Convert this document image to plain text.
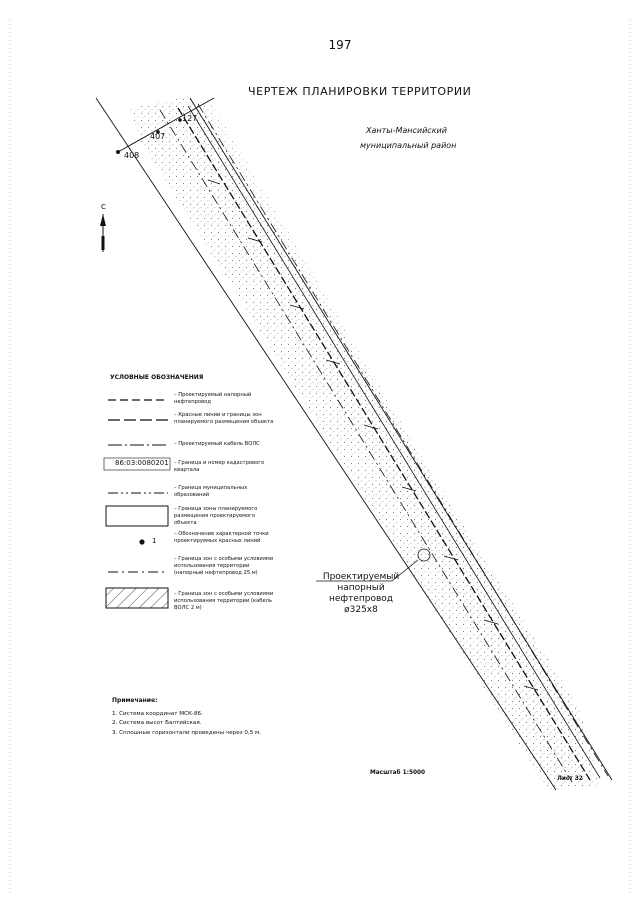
197
ЧЕРТЕЖ ПЛАНИРОВКИ ТЕРРИТОРИИ
Ханты-Мансийский
муниципальный район
С
408
407
127
УСЛОВНЫЕ ОБОЗНАЧЕНИЯ
– Проектируемый напорный нефтепровод
– Красные линии и границы зон планируемого размещения объекта
– Проектируемый кабель ВОЛС
86:03:0080201 – Граница и номер кадастрового квартала
– Граница муниципальных образований
– Граница зоны планируемого размещения проектируемого объекта
1
– Обозначение характерной точки проектируемых красных линий
– Граница зон с особыми условиями использования территории (напорный нефтепровод 25 м)
– Граница зон с особыми условиями использования территории (кабель ВОЛС 2 м)
Примечание:
1. Система координат МСК-86.
2. Система высот Балтийская.
3. Сплошные горизонтали проведены через 0,5 м.
Проектируемый
напорный
нефтепровод
ø325х8
Масштаб 1:5000
Лист 32
